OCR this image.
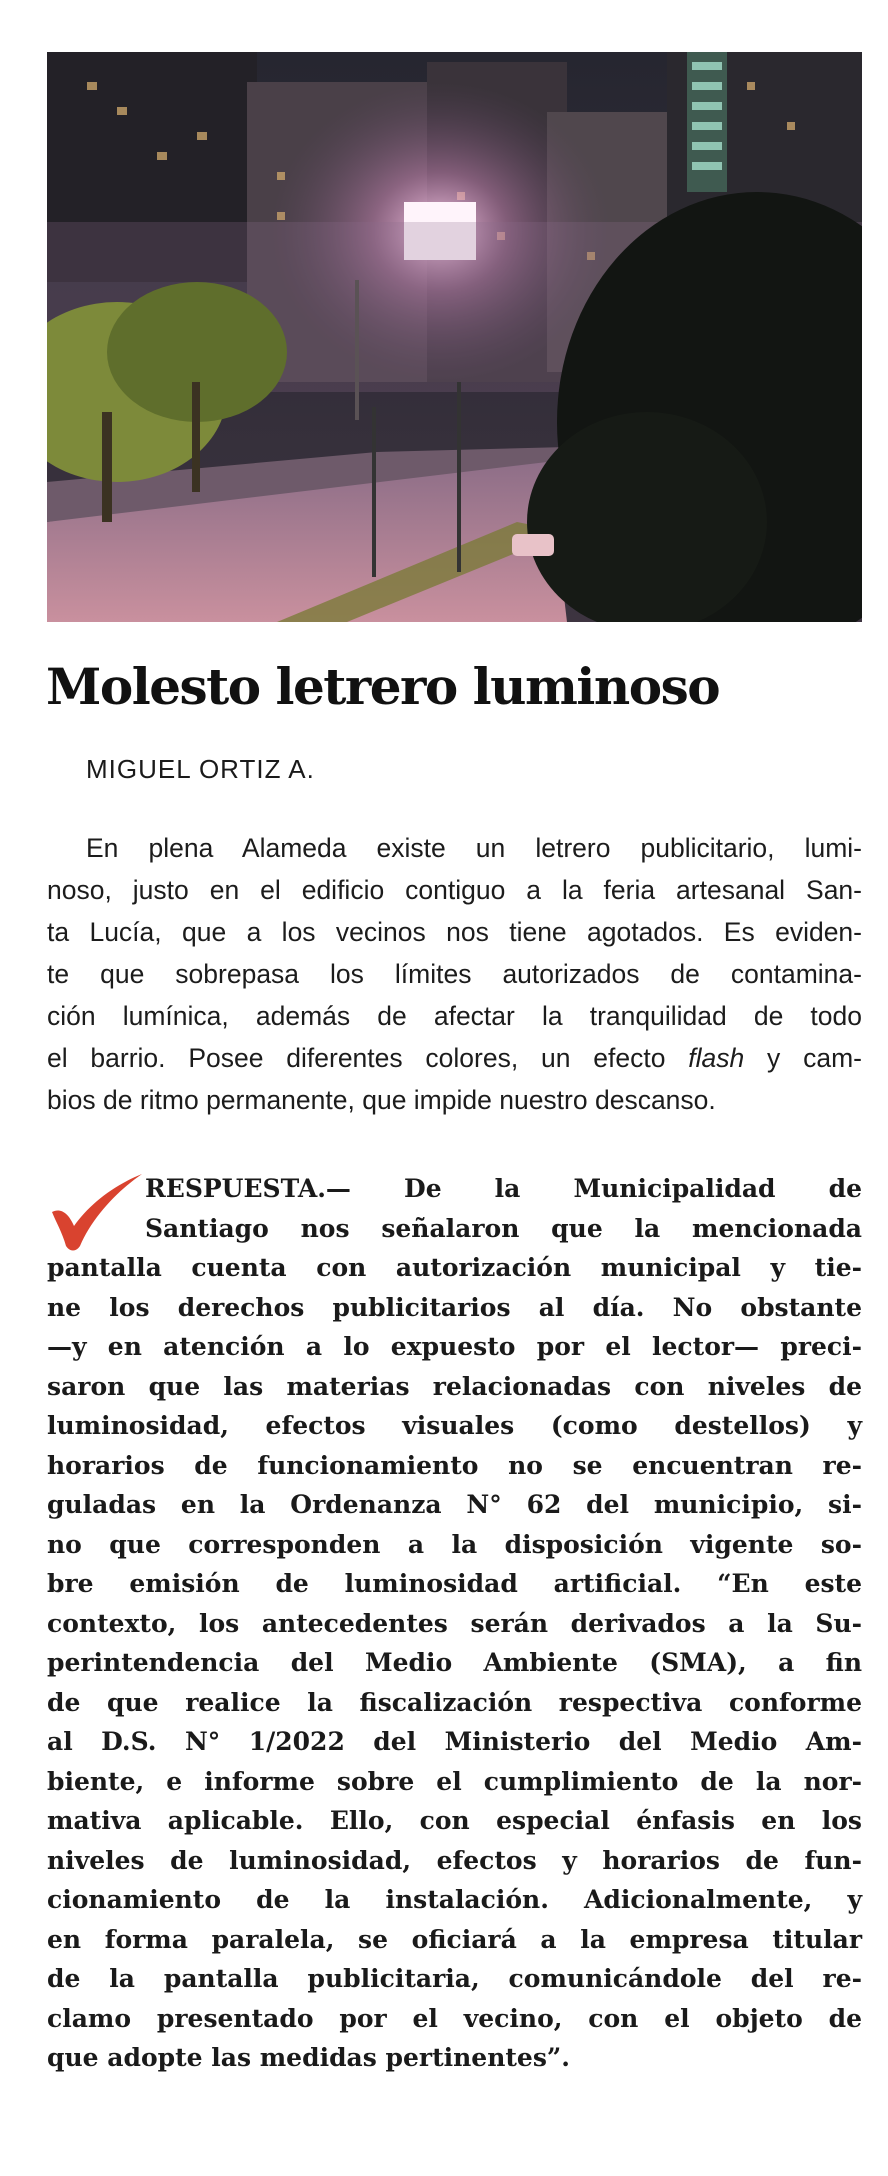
Molesto letrero luminoso

MIGUEL ORTIZ A.

En plena Alameda existe un letrero publicitario, lumi-
noso, justo en el edificio contiguo a la feria artesanal San-
ta Lucía, que a los vecinos nos tiene agotados. Es eviden-
te que sobrepasa los límites autorizados de contamina-
ción lumínica, además de afectar la tranquilidad de todo
el barrio. Posee diferentes colores, un efecto flash y cam-
bios de ritmo permanente, que impide nuestro descanso.
RESPUESTA.— De la Municipalidad de
Santiago nos señalaron que la mencionada
pantalla cuenta con autorización municipal y tie-
ne los derechos publicitarios al día. No obstante
—y en atención a lo expuesto por el lector— preci-
saron que las materias relacionadas con niveles de
luminosidad, efectos visuales (como destellos) y
horarios de funcionamiento no se encuentran re-
guladas en la Ordenanza N° 62 del municipio, si-
no que corresponden a la disposición vigente so-
bre emisión de luminosidad artificial. “En este
contexto, los antecedentes serán derivados a la Su-
perintendencia del Medio Ambiente (SMA), a fin
de que realice la fiscalización respectiva conforme
al D.S. N° 1/2022 del Ministerio del Medio Am-
biente, e informe sobre el cumplimiento de la nor-
mativa aplicable. Ello, con especial énfasis en los
niveles de luminosidad, efectos y horarios de fun-
cionamiento de la instalación. Adicionalmente, y
en forma paralela, se oficiará a la empresa titular
de la pantalla publicitaria, comunicándole del re-
clamo presentado por el vecino, con el objeto de
que adopte las medidas pertinentes”.
